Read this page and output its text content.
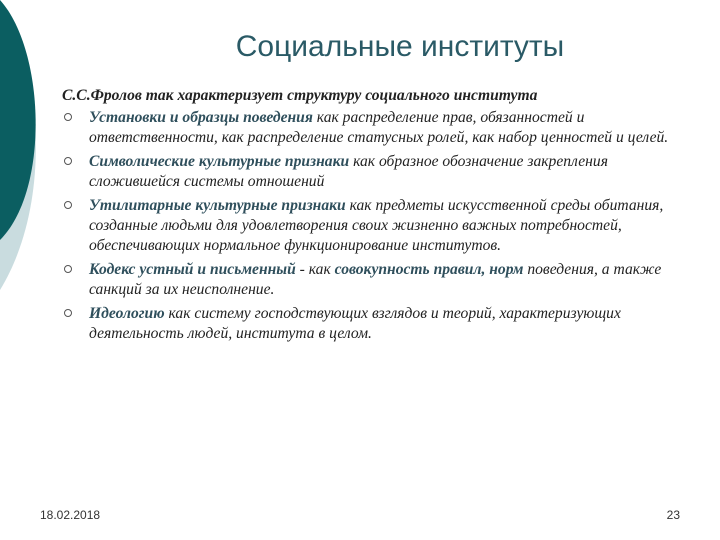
Социальные институты
С.С.Фролов так характеризует структуру социального института
Установки и образцы поведения как распределение прав, обязанностей и ответственности, как распределение статусных ролей, как набор ценностей и целей.
Символические культурные признаки как образное обозначение закрепления сложившейся системы отношений
Утилитарные культурные признаки как предметы искусственной среды обитания, созданные людьми для удовлетворения своих жизненно важных потребностей, обеспечивающих нормальное функционирование институтов.
Кодекс устный и письменный - как совокупность правил, норм поведения, а также санкций за их неисполнение.
Идеологию как систему господствующих взглядов и теорий, характеризующих деятельность людей, института в целом.
18.02.2018	23
